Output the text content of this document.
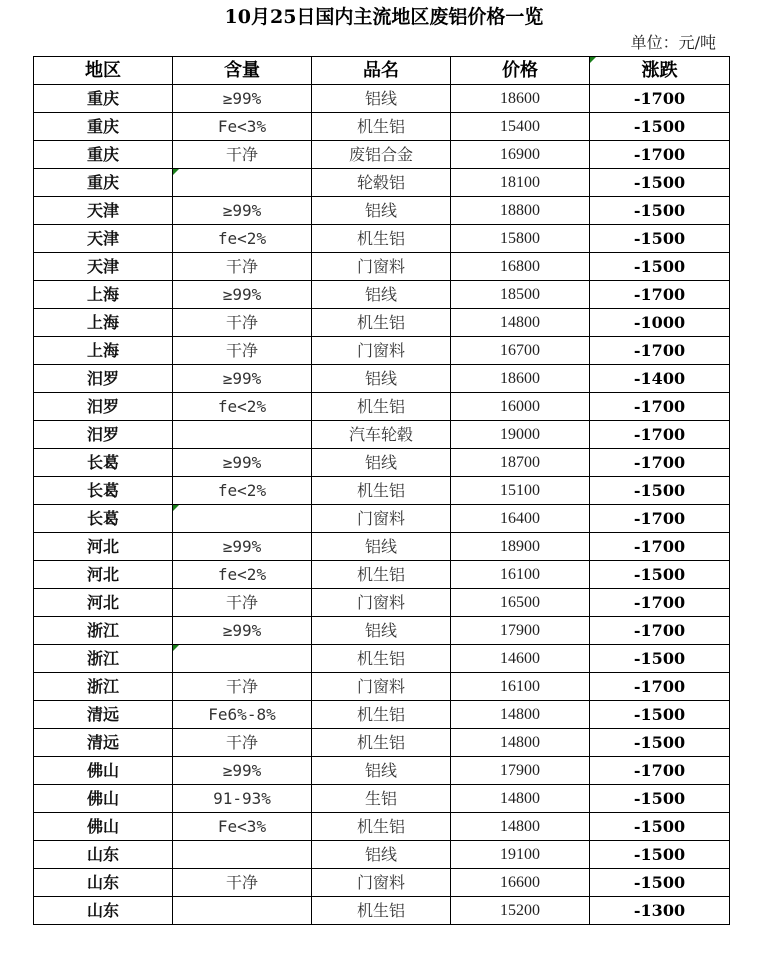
10月25日国内主流地区废铝价格一览
单位：元/吨
地区	含量	品名	价格	涨跌
重庆	≥99%	铝线	18600	-1700
重庆	Fe<3%	机生铝	15400	-1500
重庆	干净	废铝合金	16900	-1700
重庆		轮毂铝	18100	-1500
天津	≥99%	铝线	18800	-1500
天津	fe<2%	机生铝	15800	-1500
天津	干净	门窗料	16800	-1500
上海	≥99%	铝线	18500	-1700
上海	干净	机生铝	14800	-1000
上海	干净	门窗料	16700	-1700
汨罗	≥99%	铝线	18600	-1400
汨罗	fe<2%	机生铝	16000	-1700
汨罗		汽车轮毂	19000	-1700
长葛	≥99%	铝线	18700	-1700
长葛	fe<2%	机生铝	15100	-1500
长葛		门窗料	16400	-1700
河北	≥99%	铝线	18900	-1700
河北	fe<2%	机生铝	16100	-1500
河北	干净	门窗料	16500	-1700
浙江	≥99%	铝线	17900	-1700
浙江		机生铝	14600	-1500
浙江	干净	门窗料	16100	-1700
清远	Fe6%-8%	机生铝	14800	-1500
清远	干净	机生铝	14800	-1500
佛山	≥99%	铝线	17900	-1700
佛山	91-93%	生铝	14800	-1500
佛山	Fe<3%	机生铝	14800	-1500
山东		铝线	19100	-1500
山东	干净	门窗料	16600	-1500
山东		机生铝	15200	-1300
